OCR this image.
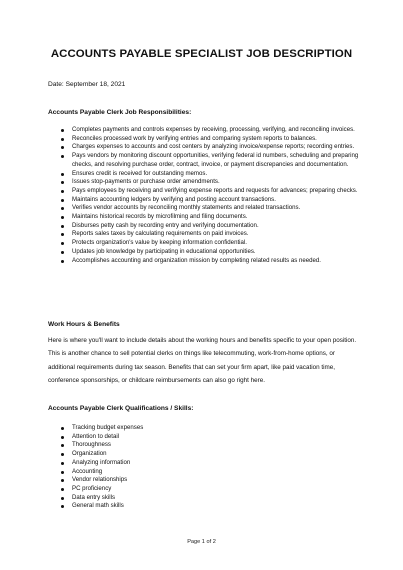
ACCOUNTS PAYABLE SPECIALIST JOB DESCRIPTION
Date: September 18, 2021
Accounts Payable Clerk Job Responsibilities:
Completes payments and controls expenses by receiving, processing, verifying, and reconciling invoices.
Reconciles processed work by verifying entries and comparing system reports to balances.
Charges expenses to accounts and cost centers by analyzing invoice/expense reports; recording entries.
Pays vendors by monitoring discount opportunities, verifying federal id numbers, scheduling and preparing checks, and resolving purchase order, contract, invoice, or payment discrepancies and documentation.
Ensures credit is received for outstanding memos.
Issues stop-payments or purchase order amendments.
Pays employees by receiving and verifying expense reports and requests for advances; preparing checks.
Maintains accounting ledgers by verifying and posting account transactions.
Verifies vendor accounts by reconciling monthly statements and related transactions.
Maintains historical records by microfilming and filing documents.
Disburses petty cash by recording entry and verifying documentation.
Reports sales taxes by calculating requirements on paid invoices.
Protects organization's value by keeping information confidential.
Updates job knowledge by participating in educational opportunities.
Accomplishes accounting and organization mission by completing related results as needed.
Work Hours & Benefits
Here is where you'll want to include details about the working hours and benefits specific to your open position. This is another chance to sell potential clerks on things like telecommuting, work-from-home options, or additional requirements during tax season. Benefits that can set your firm apart, like paid vacation time, conference sponsorships, or childcare reimbursements can also go right here.
Accounts Payable Clerk Qualifications / Skills:
Tracking budget expenses
Attention to detail
Thoroughness
Organization
Analyzing information
Accounting
Vendor relationships
PC proficiency
Data entry skills
General math skills
Page 1 of 2
